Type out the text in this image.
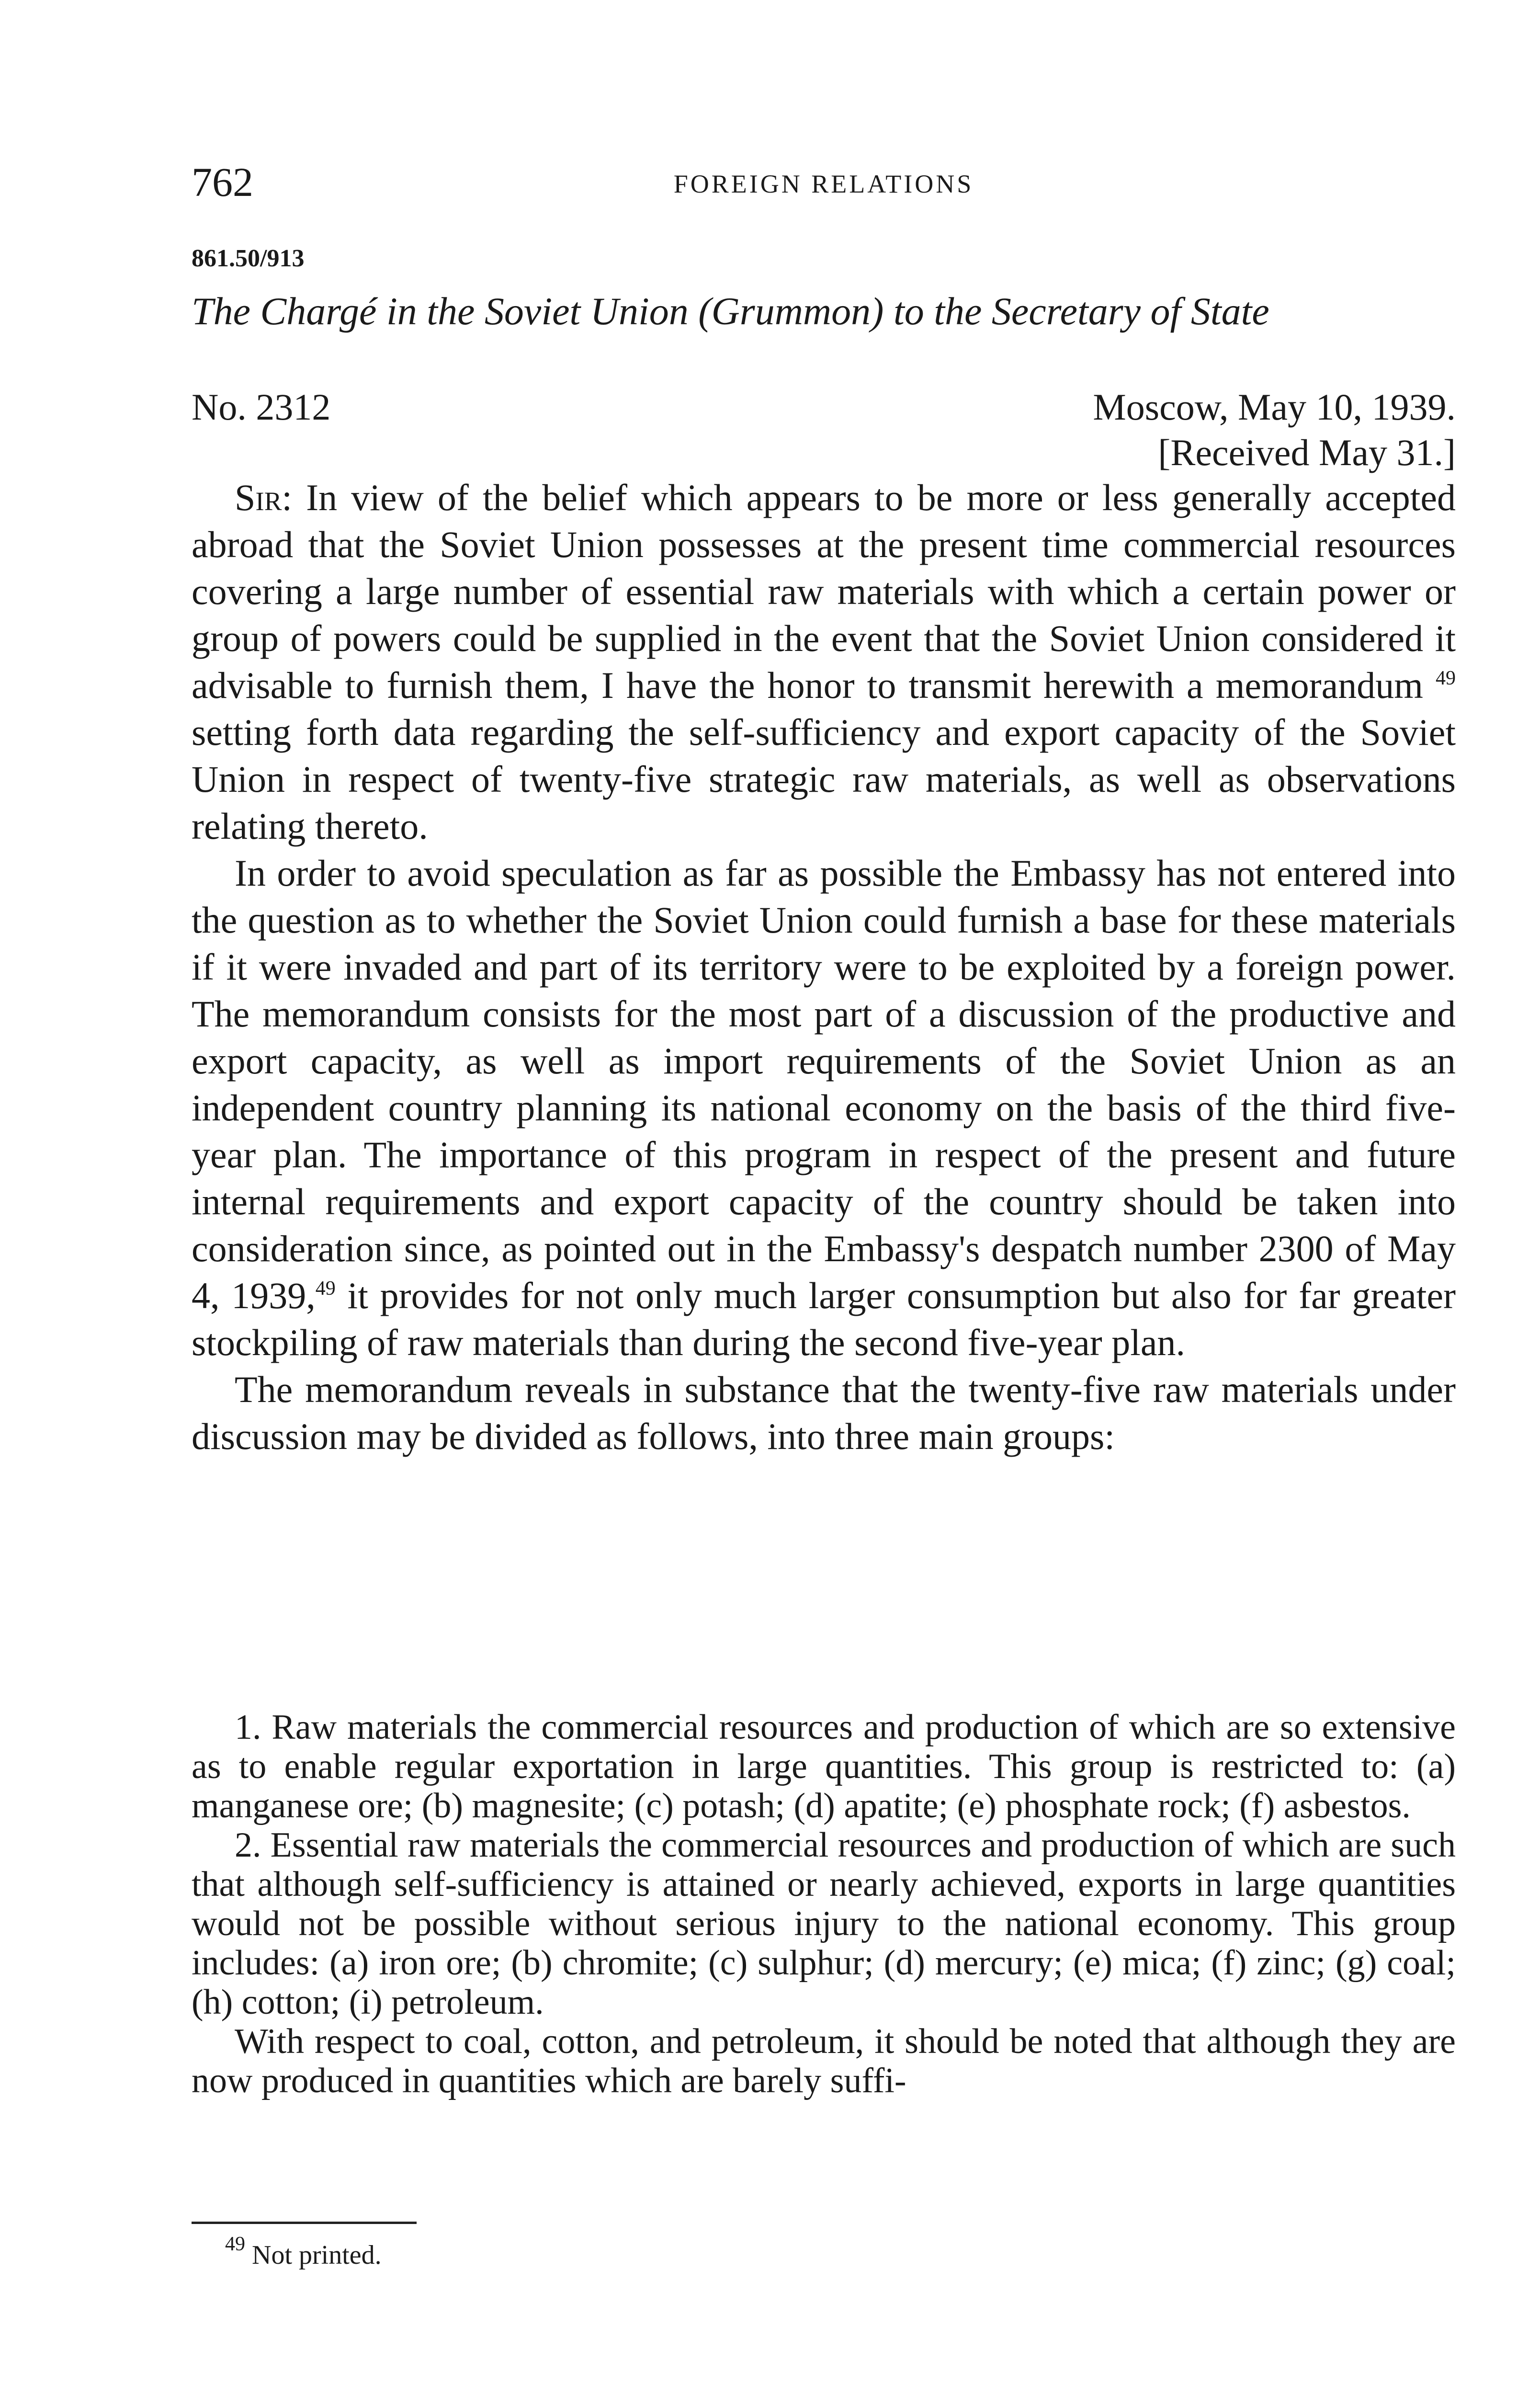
762	FOREIGN RELATIONS
861.50/913
The Chargé in the Soviet Union (Grummon) to the Secretary of State
No. 2312	Moscow, May 10, 1939.
[Received May 31.]

Sir: In view of the belief which appears to be more or less generally accepted abroad that the Soviet Union possesses at the present time commercial resources covering a large number of essential raw materials with which a certain power or group of powers could be supplied in the event that the Soviet Union considered it advisable to furnish them, I have the honor to transmit herewith a memorandum $^{49}$ setting forth data regarding the self-sufficiency and export capacity of the Soviet Union in respect of twenty-five strategic raw materials, as well as observations relating thereto.

In order to avoid speculation as far as possible the Embassy has not entered into the question as to whether the Soviet Union could furnish a base for these materials if it were invaded and part of its territory were to be exploited by a foreign power. The memorandum consists for the most part of a discussion of the productive and export capacity, as well as import requirements of the Soviet Union as an independent country planning its national economy on the basis of the third five-year plan. The importance of this program in respect of the present and future internal requirements and export capacity of the country should be taken into consideration since, as pointed out in the Embassy's despatch number 2300 of May 4, 1939,49 it provides for not only much larger consumption but also for far greater stockpiling of raw materials than during the second five-year plan.

The memorandum reveals in substance that the twenty-five raw materials under discussion may be divided as follows, into three main groups:

1. Raw materials the commercial resources and production of which are so extensive as to enable regular exportation in large quantities. This group is restricted to: (a) manganese ore; (b) magnesite; (c) potash; (d) apatite; (e) phosphate rock; (f) asbestos.

2. Essential raw materials the commercial resources and production of which are such that although self-sufficiency is attained or nearly achieved, exports in large quantities would not be possible without serious injury to the national economy. This group includes: (a) iron ore; (b) chromite; (c) sulphur; (d) mercury; (e) mica; (f) zinc; (g) coal; (h) cotton; (i) petroleum.

With respect to coal, cotton, and petroleum, it should be noted that although they are now produced in quantities which are barely suffi-

$^{49}$ Not printed.
